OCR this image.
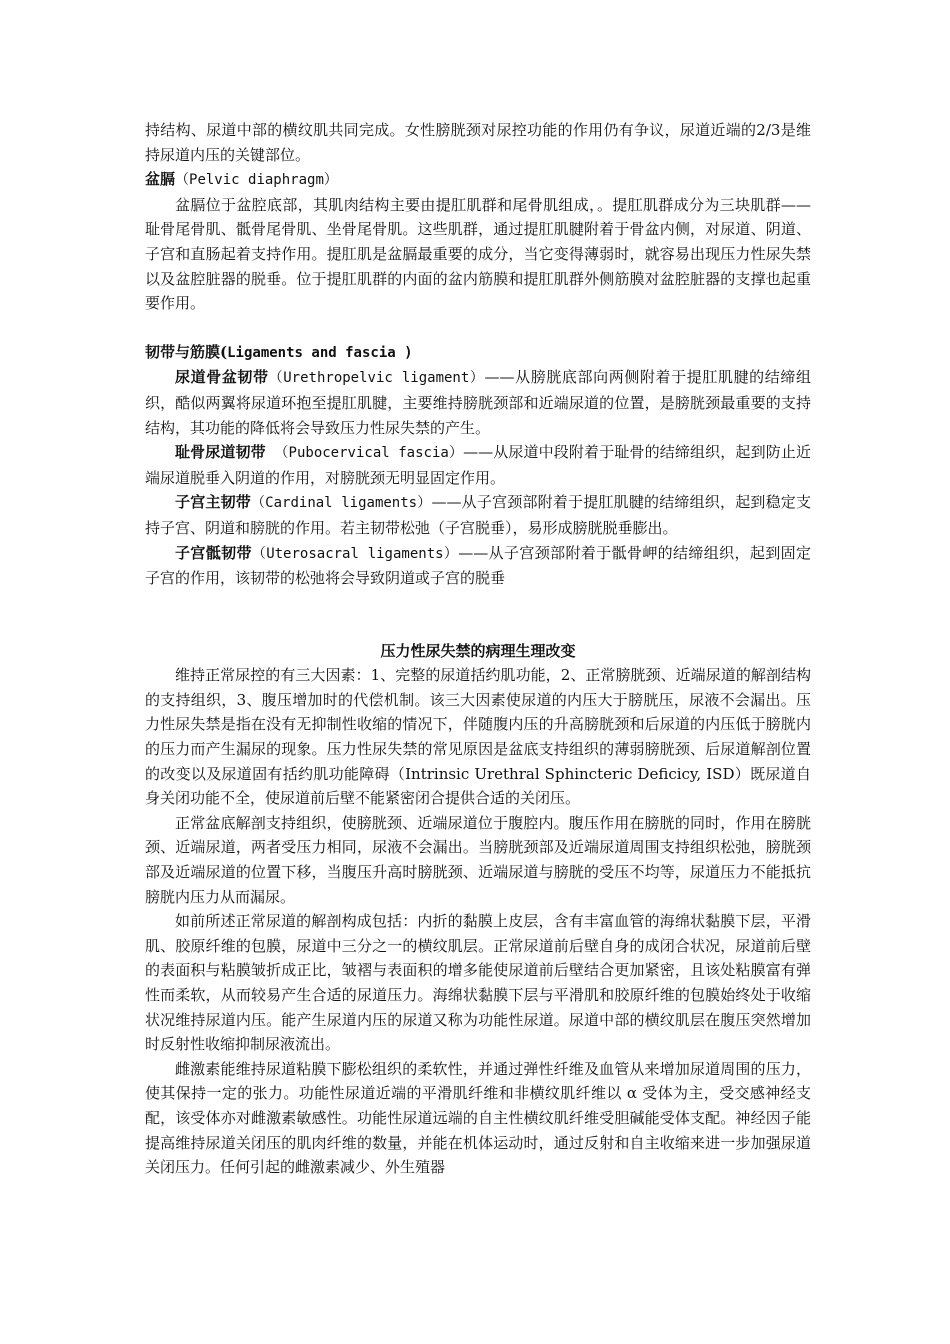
持结构、尿道中部的横纹肌共同完成。女性膀胱颈对尿控功能的作用仍有争议，尿道近端的2/3是维持尿道内压的关键部位。

盆膈（Pelvic diaphragm）

盆膈位于盆腔底部，其肌肉结构主要由提肛肌群和尾骨肌组成，。提肛肌群成分为三块肌群——耻骨尾骨肌、骶骨尾骨肌、坐骨尾骨肌。这些肌群，通过提肛肌腱附着于骨盆内侧，对尿道、阴道、子宫和直肠起着支持作用。提肛肌是盆膈最重要的成分，当它变得薄弱时，就容易出现压力性尿失禁以及盆腔脏器的脱垂。位于提肛肌群的内面的盆内筋膜和提肛肌群外侧筋膜对盆腔脏器的支撑也起重要作用。

韧带与筋膜(Ligaments and fascia )

尿道骨盆韧带（Urethropelvic ligament）——从膀胱底部向两侧附着于提肛肌腱的结缔组织，酷似两翼将尿道环抱至提肛肌腱，主要维持膀胱颈部和近端尿道的位置，是膀胱颈最重要的支持结构，其功能的降低将会导致压力性尿失禁的产生。

耻骨尿道韧带 （Pubocervical fascia）——从尿道中段附着于耻骨的结缔组织，起到防止近端尿道脱垂入阴道的作用，对膀胱颈无明显固定作用。

子宫主韧带（Cardinal ligaments）——从子宫颈部附着于提肛肌腱的结缔组织，起到稳定支持子宫、阴道和膀胱的作用。若主韧带松弛（子宫脱垂），易形成膀胱脱垂膨出。

子宫骶韧带（Uterosacral ligaments）——从子宫颈部附着于骶骨岬的结缔组织，起到固定子宫的作用，该韧带的松弛将会导致阴道或子宫的脱垂

压力性尿失禁的病理生理改变

维持正常尿控的有三大因素：1、完整的尿道括约肌功能，2、正常膀胱颈、近端尿道的解剖结构的支持组织，3、腹压增加时的代偿机制。该三大因素使尿道的内压大于膀胱压，尿液不会漏出。压力性尿失禁是指在没有无抑制性收缩的情况下，伴随腹内压的升高膀胱颈和后尿道的内压低于膀胱内的压力而产生漏尿的现象。压力性尿失禁的常见原因是盆底支持组织的薄弱膀胱颈、后尿道解剖位置的改变以及尿道固有括约肌功能障碍（Intrinsic Urethral Sphincteric Deficicy, ISD）既尿道自身关闭功能不全，使尿道前后壁不能紧密闭合提供合适的关闭压。

正常盆底解剖支持组织，使膀胱颈、近端尿道位于腹腔内。腹压作用在膀胱的同时，作用在膀胱颈、近端尿道，两者受压力相同，尿液不会漏出。当膀胱颈部及近端尿道周围支持组织松弛，膀胱颈部及近端尿道的位置下移，当腹压升高时膀胱颈、近端尿道与膀胱的受压不均等，尿道压力不能抵抗膀胱内压力从而漏尿。

如前所述正常尿道的解剖构成包括：内折的黏膜上皮层，含有丰富血管的海绵状黏膜下层，平滑肌、胶原纤维的包膜，尿道中三分之一的横纹肌层。正常尿道前后壁自身的成闭合状况，尿道前后壁的表面积与粘膜皱折成正比，皱褶与表面积的增多能使尿道前后壁结合更加紧密，且该处粘膜富有弹性而柔软，从而较易产生合适的尿道压力。海绵状黏膜下层与平滑肌和胶原纤维的包膜始终处于收缩状况维持尿道内压。能产生尿道内压的尿道又称为功能性尿道。尿道中部的横纹肌层在腹压突然增加时反射性收缩抑制尿液流出。

雌激素能维持尿道粘膜下膨松组织的柔软性，并通过弹性纤维及血管从来增加尿道周围的压力，使其保持一定的张力。功能性尿道近端的平滑肌纤维和非横纹肌纤维以 α 受体为主，受交感神经支配，该受体亦对雌激素敏感性。功能性尿道远端的自主性横纹肌纤维受胆碱能受体支配。神经因子能提高维持尿道关闭压的肌肉纤维的数量，并能在机体运动时，通过反射和自主收缩来进一步加强尿道关闭压力。任何引起的雌激素减少、外生殖器
